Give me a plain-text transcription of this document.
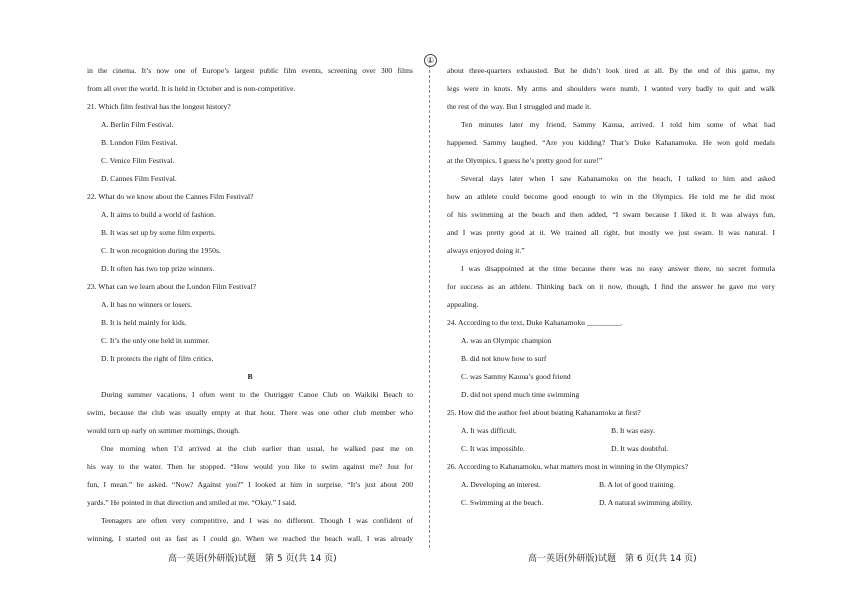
①
in the cinema. It’s now one of Europe’s largest public film events, screening over 300 films
from all over the world. It is held in October and is non-competitive.
21. Which film festival has the longest history?
A. Berlin Film Festival.
B. London Film Festival.
C. Venice Film Festival.
D. Cannes Film Festival.
22. What do we know about the Cannes Film Festival?
A. It aims to build a world of fashion.
B. It was set up by some film experts.
C. It won recognition during the 1950s.
D. It often has two top prize winners.
23. What can we learn about the London Film Festival?
A. It has no winners or losers.
B. It is held mainly for kids.
C. It’s the only one held in summer.
D. It protects the right of film critics.
B
During summer vacations, I often went to the Outrigger Canoe Club on Waikiki Beach to
swim, because the club was usually empty at that hour. There was one other club member who
would turn up early on summer mornings, though.
One morning when I’d arrived at the club earlier than usual, he walked past me on
his way to the water. Then he stopped. “How would you like to swim against me? Just for
fun, I mean.” he asked. “Now? Against you?” I looked at him in surprise. “It’s just about 200
yards.” He pointed in that direction and smiled at me. “Okay.” I said.
Teenagers are often very competitive, and I was no different. Though I was confident of
winning, I started out as fast as I could go. When we reached the beach wall, I was already
about three-quarters exhausted. But he didn’t look tired at all. By the end of this game, my
legs were in knots. My arms and shoulders were numb. I wanted very badly to quit and walk
the rest of the way. But I struggled and made it.
Ten minutes later my friend, Sammy Kauua, arrived. I told him some of what had
happened. Sammy laughed. “Are you kidding? That’s Duke Kahanamoku. He won gold medals
at the Olympics. I guess he’s pretty good for sure!”
Several days later when I saw Kahanamoku on the beach, I talked to him and asked
how an athlete could become good enough to win in the Olympics. He told me he did most
of his swimming at the beach and then added, “I swam because I liked it. It was always fun,
and I was pretty good at it. We trained all right, but mostly we just swam. It was natural. I
always enjoyed doing it.”
I was disappointed at the time because there was no easy answer there, no secret formula
for success as an athlete. Thinking back on it now, though, I find the answer he gave me very
appealing.
24. According to the text, Duke Kahanamoku _________.
A. was an Olympic champion
B. did not know how to surf
C. was Sammy Kauua’s good friend
D. did not spend much time swimming
25. How did the author feel about beating Kahanamoku at first?
A. It was difficult.	B. It was easy.
C. It was impossible.	D. It was doubtful.
26. According to Kahanamoku, what matters most in winning in the Olympics?
A. Developing an interest.	B. A lot of good training.
C. Swimming at the beach.	D. A natural swimming ability.
高一英语(外研版)试题　第 5 页(共 14 页)	高一英语(外研版)试题　第 6 页(共 14 页)
